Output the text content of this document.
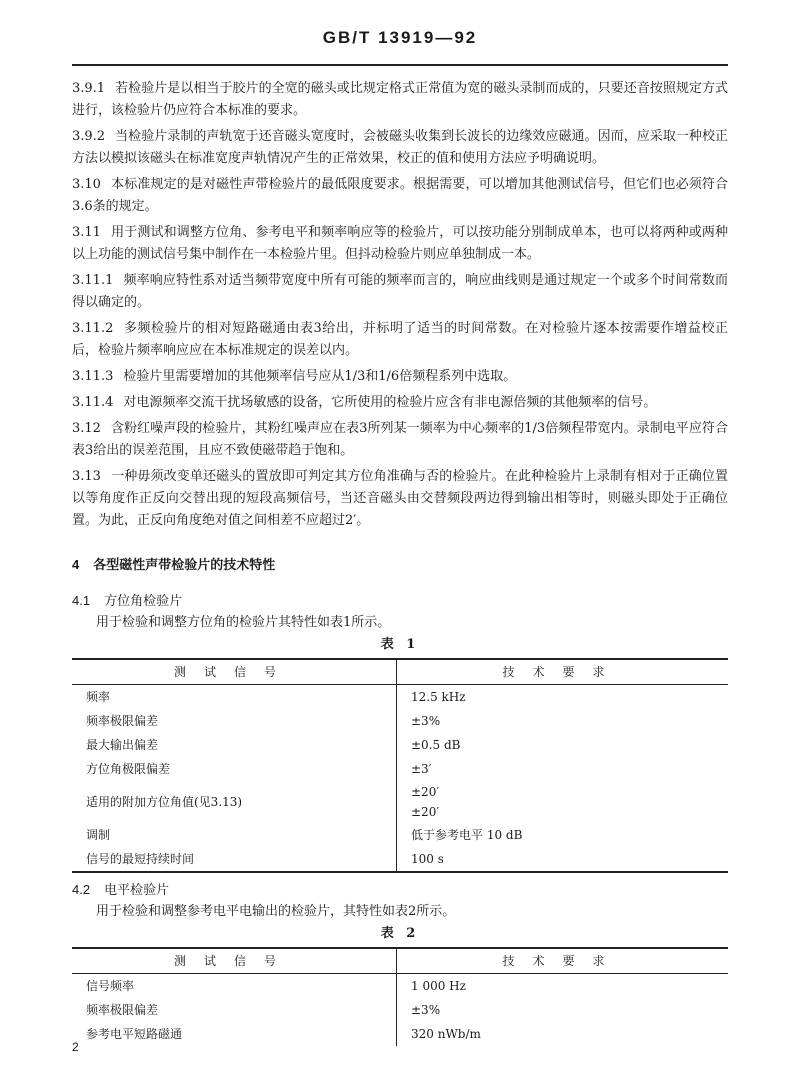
GB/T 13919—92

3.9.1 若检验片是以相当于胶片的全宽的磁头或比规定格式正常值为宽的磁头录制而成的，只要还音按照规定方式进行，该检验片仍应符合本标准的要求。

3.9.2 当检验片录制的声轨宽于还音磁头宽度时，会被磁头收集到长波长的边缘效应磁通。因而，应采取一种校正方法以模拟该磁头在标准宽度声轨情况产生的正常效果，校正的值和使用方法应予明确说明。

3.10 本标准规定的是对磁性声带检验片的最低限度要求。根据需要，可以增加其他测试信号，但它们也必须符合3.6条的规定。

3.11 用于测试和调整方位角、参考电平和频率响应等的检验片，可以按功能分别制成单本，也可以将两种或两种以上功能的测试信号集中制作在一本检验片里。但抖动检验片则应单独制成一本。

3.11.1 频率响应特性系对适当频带宽度中所有可能的频率而言的，响应曲线则是通过规定一个或多个时间常数而得以确定的。

3.11.2 多频检验片的相对短路磁通由表3给出，并标明了适当的时间常数。在对检验片逐本按需要作增益校正后，检验片频率响应应在本标准规定的误差以内。

3.11.3 检验片里需要增加的其他频率信号应从1/3和1/6倍频程系列中选取。

3.11.4 对电源频率交流干扰场敏感的设备，它所使用的检验片应含有非电源倍频的其他频率的信号。

3.12 含粉红噪声段的检验片，其粉红噪声应在表3所列某一频率为中心频率的1/3倍频程带宽内。录制电平应符合表3给出的误差范围，且应不致使磁带趋于饱和。

3.13 一种毋须改变单还磁头的置放即可判定其方位角准确与否的检验片。在此种检验片上录制有相对于正确位置以等角度作正反向交替出现的短段高频信号，当还音磁头由交替频段两边得到输出相等时，则磁头即处于正确位置。为此，正反向角度绝对值之间相差不应超过2′。

4 各型磁性声带检验片的技术特性
4.1 方位角检验片

用于检验和调整方位角的检验片其特性如表1所示。

表 1
测试信号	技术要求
频率	12.5 kHz
频率极限偏差	±3%
最大输出偏差	±0.5 dB
方位角极限偏差	±3′
适用的附加方位角值(见3.13)	±20′
±20′

调制	低于参考电平 10 dB
信号的最短持续时间	100 s
4.2 电平检验片

用于检验和调整参考电平电输出的检验片，其特性如表2所示。

表 2
测试信号	技术要求
信号频率	1 000 Hz
频率极限偏差	±3%
参考电平短路磁通	320 nWb/m
2
